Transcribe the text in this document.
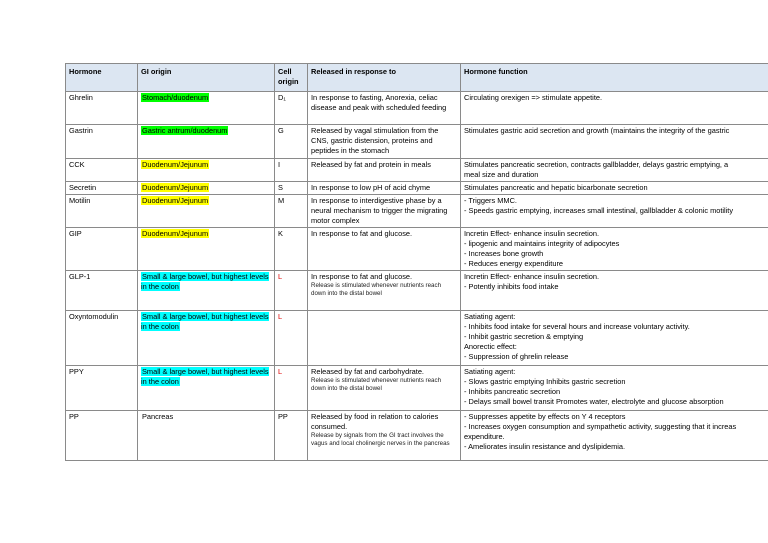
Hormone	GI origin	Cell origin	Released in response to	Hormone function
Ghrelin	Stomach/duodenum	D₁	In response to fasting, Anorexia, celiac disease and peak with scheduled feeding	Circulating orexigen => stimulate appetite.

Gastrin	Gastric antrum/duodenum	G	Released by vagal stimulation from the CNS, gastric distension, proteins and peptides in the stomach	Stimulates gastric acid secretion and growth (maintains the integrity of the gastric

CCK	Duodenum/Jejunum	I	Released by fat and protein in meals	Stimulates pancreatic secretion, contracts gallbladder, delays gastric emptying, a
meal size and duration

Secretin	Duodenum/Jejunum	S	In response to low pH of acid chyme	Stimulates pancreatic and hepatic bicarbonate secretion

Motilin	Duodenum/Jejunum	M	In response to interdigestive phase by a neural mechanism to trigger the migrating motor complex	- Triggers MMC.
- Speeds gastric emptying, increases small intestinal, gallbladder & colonic motility

GIP	Duodenum/Jejunum	K	In response to fat and glucose.	Incretin Effect- enhance insulin secretion.
- lipogenic and maintains integrity of adipocytes
- Increases bone growth
- Reduces energy expenditure

GLP-1	Small & large bowel, but highest levels in the colon	L	In response to fat and glucose.
Release is stimulated whenever nutrients reach down into the distal bowel	Incretin Effect- enhance insulin secretion.
- Potently inhibits food intake

Oxyntomodulin	Small & large bowel, but highest levels in the colon	L		Satiating agent:
- Inhibits food intake for several hours and increase voluntary activity.
- Inhibit gastric secretion & emptying
Anorectic effect:
- Suppression of ghrelin release

PPY	Small & large bowel, but highest levels in the colon	L	Released by fat and carbohydrate.
Release is stimulated whenever nutrients reach down into the distal bowel	Satiating agent:
- Slows gastric emptying Inhibits gastric secretion
- Inhibits pancreatic secretion
- Delays small bowel transit Promotes water, electrolyte and glucose absorption

PP	Pancreas	PP	Released by food in relation to calories consumed.
Release by signals from the GI tract involves the vagus and local cholinergic nerves in the pancreas	- Suppresses appetite by effects on Y 4 receptors
- Increases oxygen consumption and sympathetic activity, suggesting that it increas
expenditure.
- Ameliorates insulin resistance and dyslipidemia.
